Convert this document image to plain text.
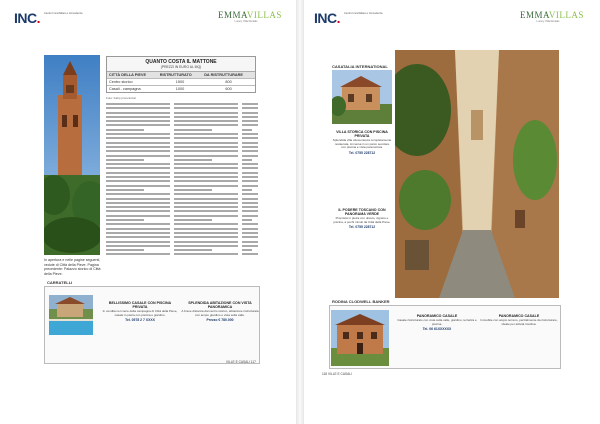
INC. Centro Immobiliare e Consulenza	EMMAVILLAS
Luxury Villa Rentals
Foto: Fabp proncincial
In apertura e nelle pagine seguenti, vedute di Città della Pieve. Pagina precedente: Palazzo storico di Città della Pieve.
QUANTO COSTA IL MATTONE
(PREZZI IN EURO AL MQ)
CITTÀ DELLA PIEVE	RISTRUTTURATO	DA RISTRUTTURARE
Centro storico	1500	800
Casali - campagna	1000	600
CARRATELLI
BELLISSIMO CASALE CON PISCINA PRIVATA
In vendita nel cuore della campagna di Città della Pieve, casale in pietra con piscina e giardino.
Tel. 0578 2 7 XXXX
SPLENDIDA ABITAZIONE CON VISTA PANORAMICA
A breve distanza dal centro storico, abitazione ristrutturata con ampio giardino e vista sulla valle.
Prezzo € 780.000
VILLE E CASALI 117
INC. Centro Immobiliare e Consulenza	EMMAVILLAS
Luxury Villa Rentals
CASATALIA INTERNATIONAL
VILLA STORICA CON PISCINA PRIVATA
Splendida villa ottocentesca completamente restaurata, immersa in un parco secolare con piscina e vista panoramica.
Tel. 0755 228712
IL PODERE TOSCANO CON PANORAMA VERDE
Proprietà in pietra con uliveto, vigneto e piscina, a pochi minuti da Città della Pieve.
Tel. 0755 228712
RODINA CLODWELL BANKER
PANORAMICO CASALE
Casale ristrutturato con vista sulla valle, giardino, terrazza e piscina.
Tel. 06 61XXXXXX
PANORAMICO CASALE
Immobile con ampio terreno, parzialmente da ristrutturare, ideale per attività ricettiva.
118 VILLE E CASALI
